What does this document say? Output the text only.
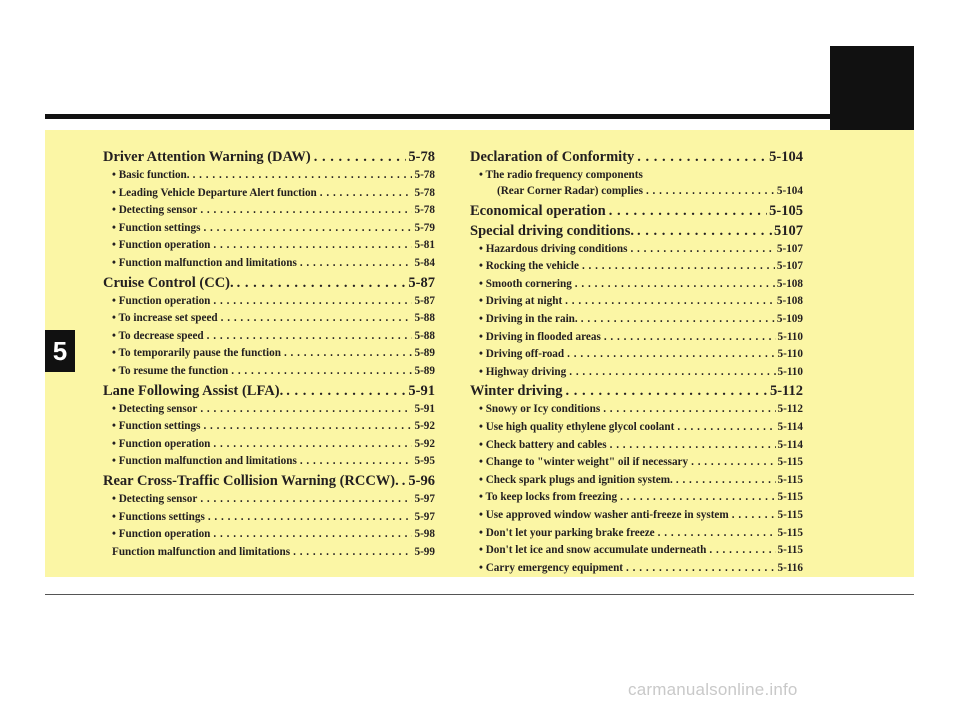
5
Driver Attention Warning (DAW) . . .	5-78
• Basic function. . . .	5-78
• Leading Vehicle Departure Alert function . . .	5-78
• Detecting sensor . . .	5-78
• Function settings . . .	5-79
• Function operation . . .	5-81
• Function malfunction and limitations . . .	5-84
Cruise Control (CC). . . .	5-87
• Function operation . . .	5-87
• To increase set speed . . .	5-88
• To decrease speed . . .	5-88
• To temporarily pause the function . . .	5-89
• To resume the function . . .	5-89
Lane Following Assist (LFA). . . .	5-91
• Detecting sensor . . .	5-91
• Function settings . . .	5-92
• Function operation . . .	5-92
• Function malfunction and limitations . . .	5-95
Rear Cross-Traffic Collision Warning (RCCW). . . . 5-96
• Detecting sensor . . .	5-97
• Functions settings . . .	5-97
• Function operation . . .	5-98
Function malfunction and limitations . . .	5-99
Declaration of Conformity . . .	5-104
• The radio frequency components
(Rear Corner Radar) complies . . .	5-104
Economical operation . . .	5-105
Special driving conditions. . . .	5107
• Hazardous driving conditions . . .	5-107
• Rocking the vehicle . . .	5-107
• Smooth cornering . . .	5-108
• Driving at night . . .	5-108
• Driving in the rain. . . .	5-109
• Driving in flooded areas . . .	5-110
• Driving off-road . . .	5-110
• Highway driving . . .	5-110
Winter driving . . .	5-112
• Snowy or Icy conditions . . .	5-112
• Use high quality ethylene glycol coolant . . .	5-114
• Check battery and cables . . .	5-114
• Change to "winter weight" oil if necessary . . .	5-115
• Check spark plugs and ignition system. . . .	5-115
• To keep locks from freezing . . .	5-115
• Use approved window washer anti-freeze in system . . .	5-115
• Don't let your parking brake freeze . . .	5-115
• Don't let ice and snow accumulate underneath . . .	5-115
• Carry emergency equipment . . .	5-116
carmanualsonline.info
